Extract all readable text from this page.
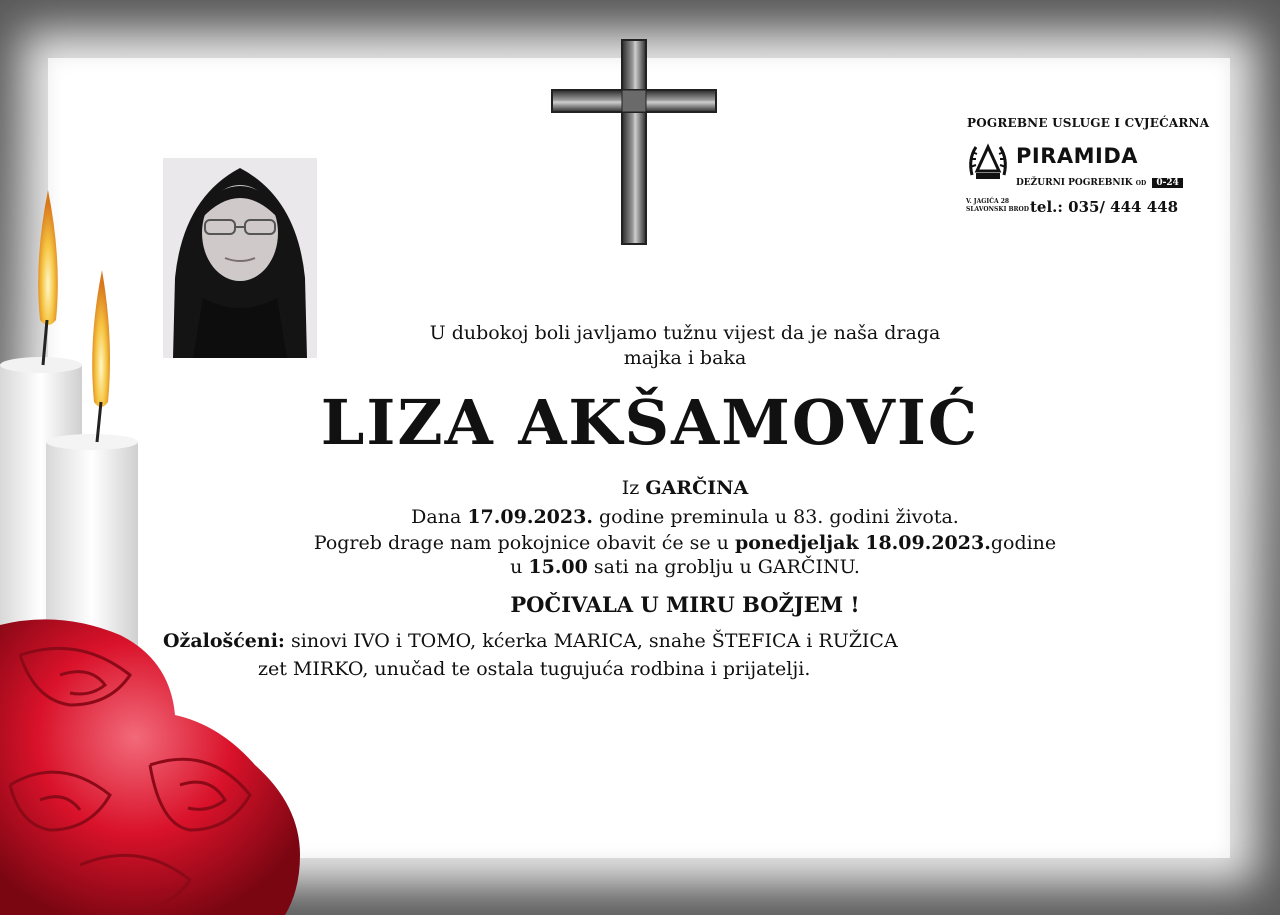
POGREBNE USLUGE I CVJEĆARNA
PIRAMIDA
DEŽURNI POGREBNIK OD 0-24
V. JAGIĆA 28
SLAVONSKI BROD tel.: 035/ 444 448
U dubokoj boli javljamo tužnu vijest da je naša draga
majka i baka
LIZA AKŠAMOVIĆ
Iz GARČINA
Dana 17.09.2023. godine preminula u 83. godini života.
Pogreb drage nam pokojnice obavit će se u ponedjeljak 18.09.2023.godine
u 15.00 sati na groblju u GARČINU.
POČIVALA U MIRU BOŽJEM !
Ožalošćeni: sinovi IVO i TOMO, kćerka MARICA, snahe ŠTEFICA i RUŽICA
zet MIRKO, unučad te ostala tugujuća rodbina i prijatelji.
